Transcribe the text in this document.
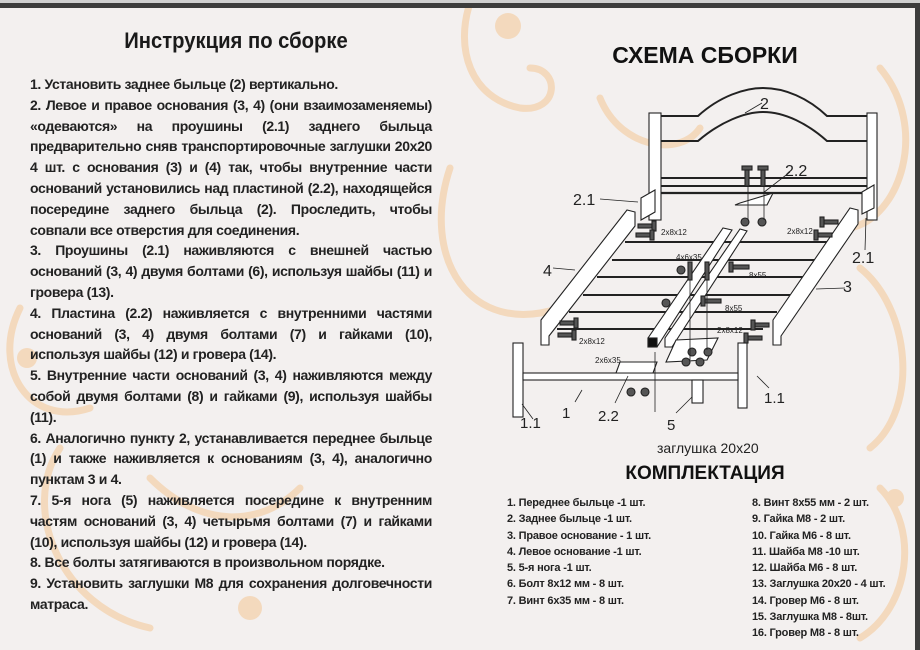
Инструкция по сборке

1. Установить заднее быльце (2) вертикально.

2. Левое и правое основания (3, 4) (они взаимозаменяемы) «одеваются» на проушины (2.1) заднего быльца предварительно сняв транспортировочные заглушки 20х20 4 шт. с основания (3) и (4) так, чтобы внутренние части оснований установились над пластиной (2.2), находящейся посередине заднего быльца (2). Проследить, чтобы совпали все отверстия для соединения.

3. Проушины (2.1) наживляются с внешней частью оснований (3, 4) двумя болтами (6), используя шайбы (11) и гровера (13).

4. Пластина (2.2) наживляется с внутренними частями оснований (3, 4) двумя болтами (7) и гайками (10), используя шайбы (12) и гровера (14).

5. Внутренние части оснований (3, 4) наживляются между собой двумя болтами (8) и гайками (9), используя шайбы (11).

6. Аналогично пункту 2, устанавливается переднее быльце (1) и также наживляется к основаниям (3, 4), аналогично пунктам 3 и 4.

7. 5-я нога (5) наживляется посередине к внутренним частям оснований (3, 4) четырьмя болтами (7) и гайками (10), используя шайбы (12) и гровера (14).

8. Все болты затягиваются в произвольном порядке.

9. Установить заглушки М8 для сохранения долговечности матраса.

СХЕМА СБОРКИ
2
2.2
2.1
2.1
4
3
2x8x12	2x8x12
2x8x12
2x8x12
4x6x35
8x55
8x55
2x6x35
1.1
1 2.2
5
1.1
заглушка 20x20
КОМПЛЕКТАЦИЯ
1. Переднее быльце -1 шт.
2. Заднее быльце -1 шт.
3. Правое основание - 1 шт.
4. Левое основание -1 шт.
5. 5-я нога -1 шт.
6. Болт 8х12 мм - 8 шт.
7. Винт 6х35 мм - 8 шт.
8. Винт 8х55 мм - 2 шт.
9. Гайка М8 - 2 шт.
10. Гайка М6 - 8 шт.
11. Шайба М8 -10 шт.
12. Шайба М6 - 8 шт.
13. Заглушка 20х20 - 4 шт.
14. Гровер М6 - 8 шт.
15. Заглушка М8 - 8шт.
16. Гровер М8 - 8 шт.
